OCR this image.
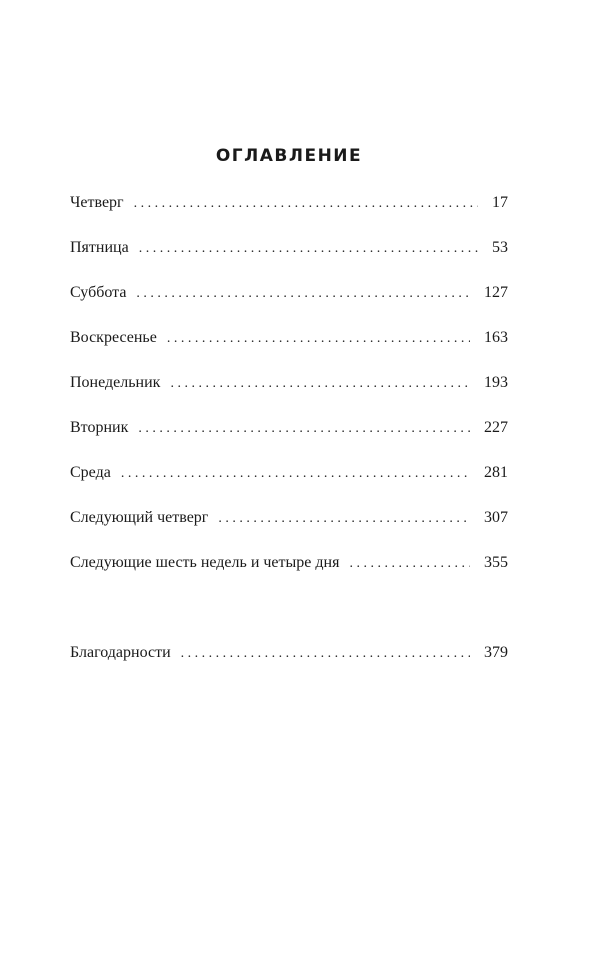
ОГЛАВЛЕНИЕ
Четверг . . .	17
Пятница . . .	53
Суббота . . .	127
Воскресенье . . .	163
Понедельник . . .	193
Вторник . . .	227
Среда . . .	281
Следующий четверг . . .	307
Следующие шесть недель и четыре дня . . .	355
Благодарности . . .	379
